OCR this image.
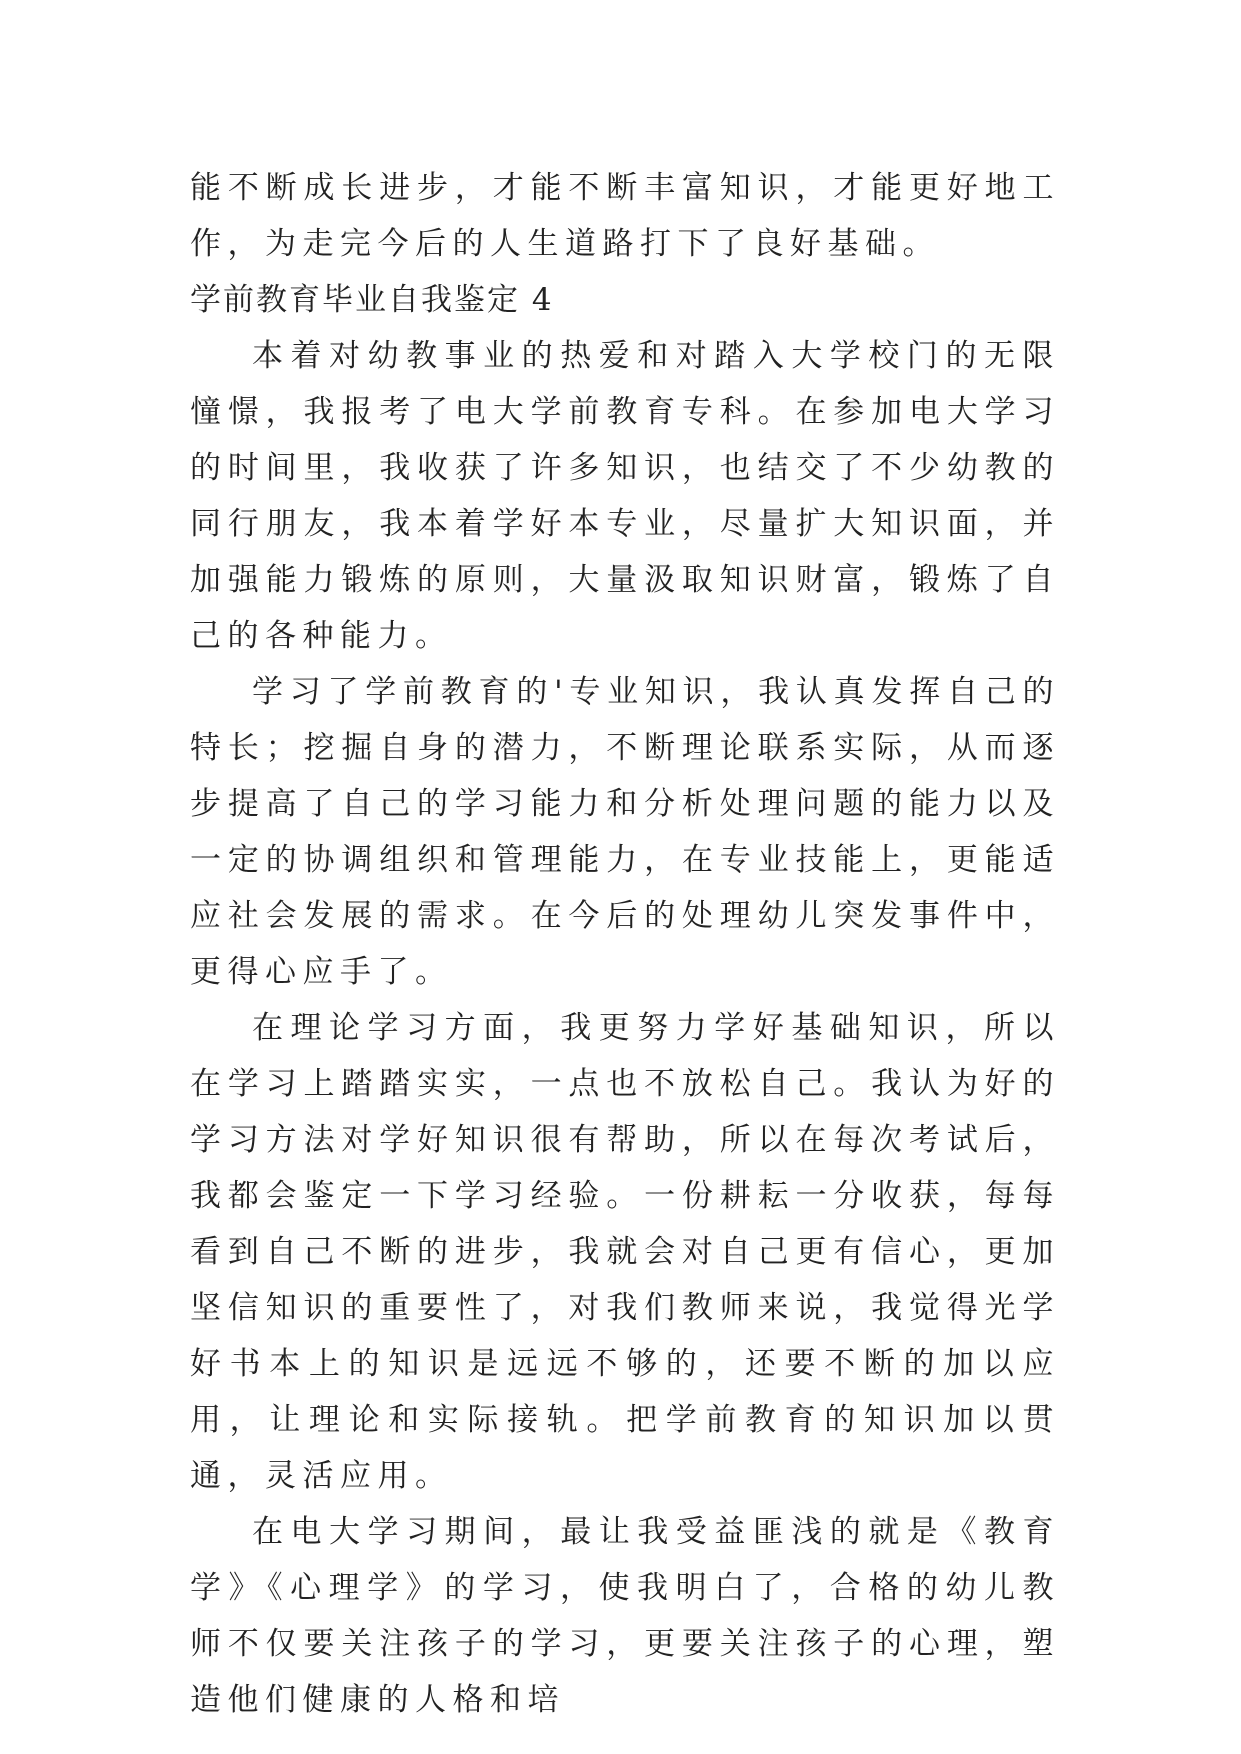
能不断成长进步，才能不断丰富知识，才能更好地工作，为走完今后的人生道路打下了良好基础。

学前教育毕业自我鉴定 4

本着对幼教事业的热爱和对踏入大学校门的无限憧憬，我报考了电大学前教育专科。在参加电大学习的时间里，我收获了许多知识，也结交了不少幼教的同行朋友，我本着学好本专业，尽量扩大知识面，并加强能力锻炼的原则，大量汲取知识财富，锻炼了自己的各种能力。

学习了学前教育的'专业知识，我认真发挥自己的特长；挖掘自身的潜力，不断理论联系实际，从而逐步提高了自己的学习能力和分析处理问题的能力以及一定的协调组织和管理能力，在专业技能上，更能适应社会发展的需求。在今后的处理幼儿突发事件中，更得心应手了。

在理论学习方面，我更努力学好基础知识，所以在学习上踏踏实实，一点也不放松自己。我认为好的学习方法对学好知识很有帮助，所以在每次考试后，我都会鉴定一下学习经验。一份耕耘一分收获，每每看到自己不断的进步，我就会对自己更有信心，更加坚信知识的重要性了，对我们教师来说，我觉得光学好书本上的知识是远远不够的，还要不断的加以应用，让理论和实际接轨。把学前教育的知识加以贯通，灵活应用。

在电大学习期间，最让我受益匪浅的就是《教育学》《心理学》的学习，使我明白了，合格的幼儿教师不仅要关注孩子的学习，更要关注孩子的心理，塑造他们健康的人格和培
